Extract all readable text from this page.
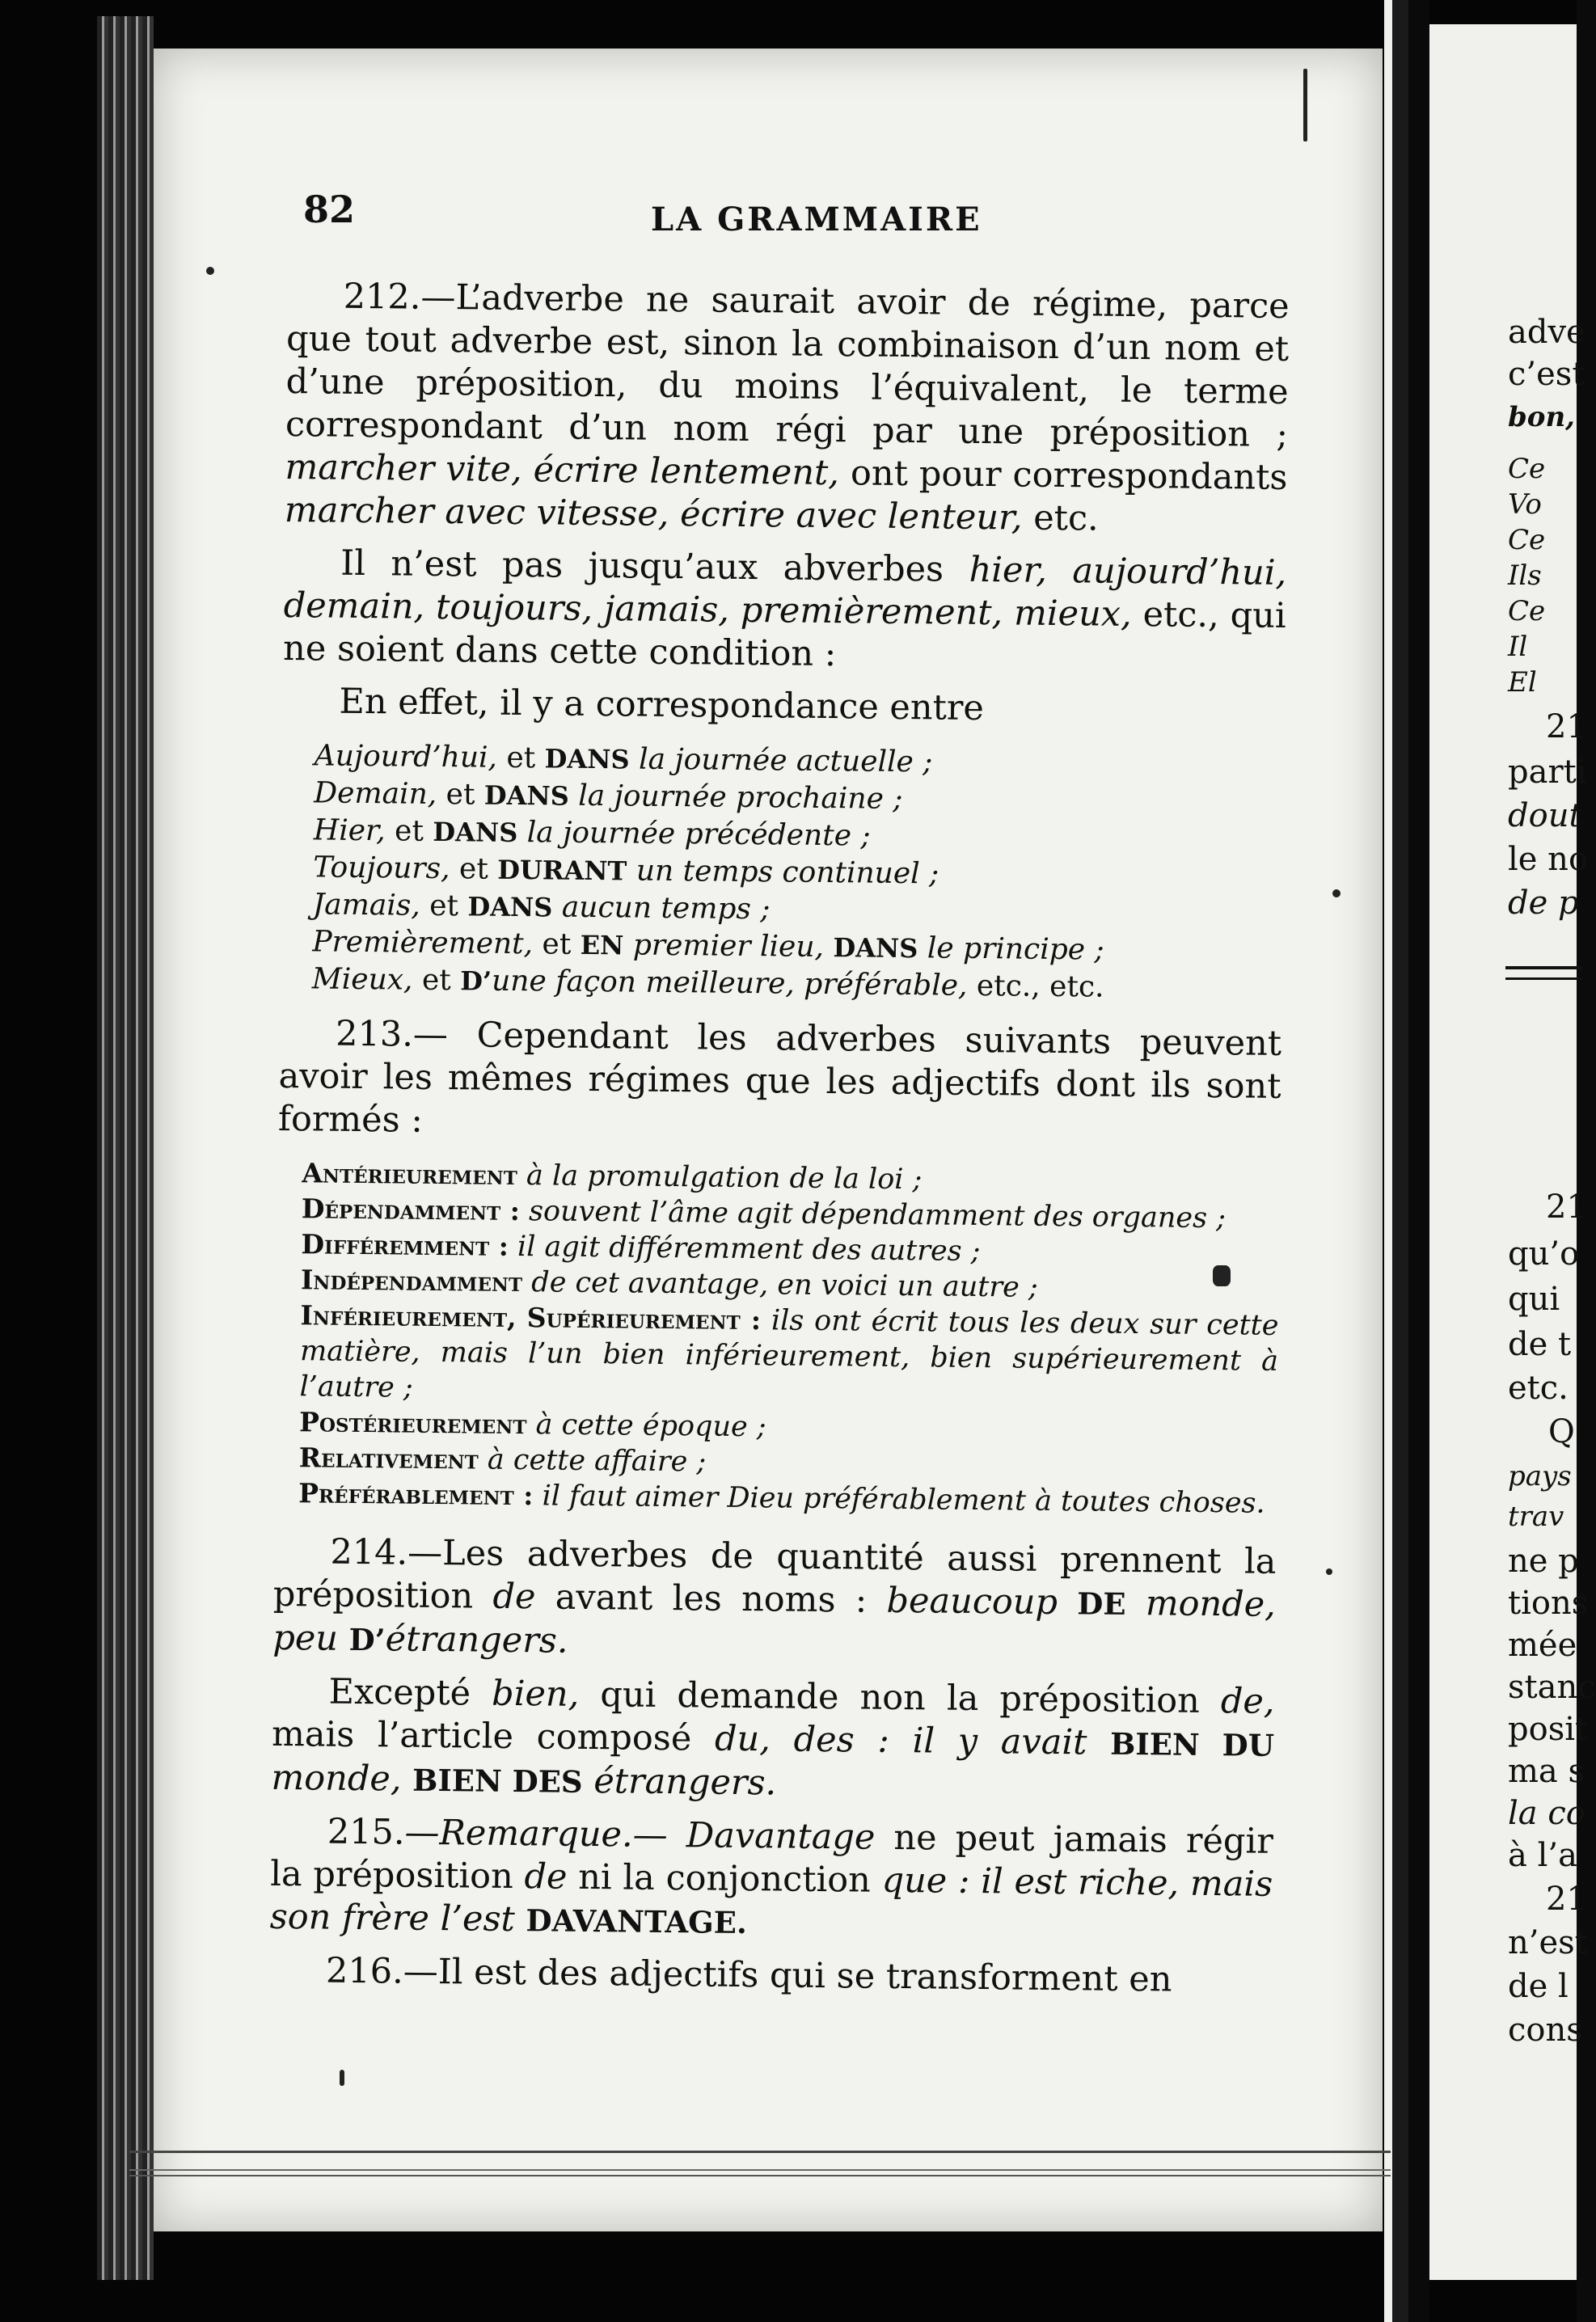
82	LA GRAMMAIRE

212.—L’adverbe ne saurait avoir de régime, parce que tout adverbe est, sinon la combinaison d’un nom et d’une préposition, du moins l’équivalent, le terme correspondant d’un nom régi par une préposition ; marcher vite, écrire lentement, ont pour correspondants marcher avec vitesse, écrire avec lenteur, etc.

Il n’est pas jusqu’aux abverbes hier, aujourd’hui, demain, toujours, jamais, premièrement, mieux, etc., qui ne soient dans cette condition :

En effet, il y a correspondance entre

Aujourd’hui, et DANS la journée actuelle ;
Demain, et DANS la journée prochaine ;
Hier, et DANS la journée précédente ;
Toujours, et DURANT un temps continuel ;
Jamais, et DANS aucun temps ;
Premièrement, et EN premier lieu, DANS le principe ;
Mieux, et D’une façon meilleure, préférable, etc., etc.

213.— Cependant les adverbes suivants peuvent avoir les mêmes régimes que les adjectifs dont ils sont formés :

Antérieurement à la promulgation de la loi ;
Dépendamment : souvent l’âme agit dépendamment des organes ;
Différemment : il agit différemment des autres ;
Indépendamment de cet avantage, en voici un autre ;
Inférieurement, Supérieurement : ils ont écrit tous les deux sur cette matière, mais l’un bien inférieurement, bien supérieurement à l’autre ;
Postérieurement à cette époque ;
Relativement à cette affaire ;
Préférablement : il faut aimer Dieu préférablement à toutes choses.

214.—Les adverbes de quantité aussi prennent la préposition de avant les noms : beaucoup DE monde, peu D’étrangers.

Excepté bien, qui demande non la préposition de, mais l’article composé du, des : il y avait BIEN DU monde, BIEN DES étrangers.

215.—Remarque.— Davantage ne peut jamais régir la préposition de ni la conjonction que : il est riche, mais son frère l’est DAVANTAGE.

216.—Il est des adjectifs qui se transforment en

adve
c’est
bon,
Ce
Vo
Ce
Ils
Ce
Il
El
21
parti
dout
le no
de p
21
qu’o
qui
de t
etc.
Q
pays
trav
ne p
tions
mée
stanc
posit
ma s
la co
à l’a
21
n’est
de l
cons
